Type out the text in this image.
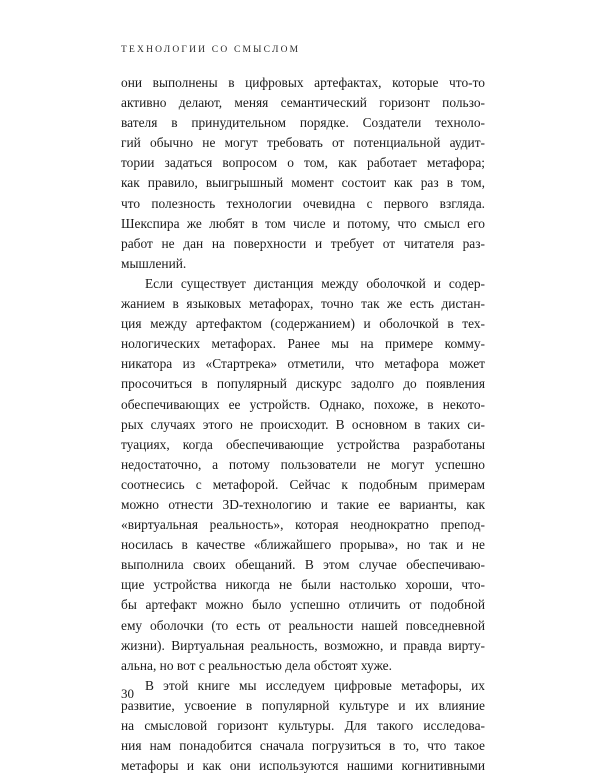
ТЕХНОЛОГИИ СО СМЫСЛОМ
они выполнены в цифровых артефактах, которые что-то
активно делают, меняя семантический горизонт пользо-
вателя в принудительном порядке. Создатели техноло-
гий обычно не могут требовать от потенциальной аудит-
тории задаться вопросом о том, как работает метафора;
как правило, выигрышный момент состоит как раз в том,
что полезность технологии очевидна с первого взгляда.
Шекспира же любят в том числе и потому, что смысл его
работ не дан на поверхности и требует от читателя раз-
мышлений.
Если существует дистанция между оболочкой и содер-
жанием в языковых метафорах, точно так же есть дистан-
ция между артефактом (содержанием) и оболочкой в тех-
нологических метафорах. Ранее мы на примере комму-
никатора из «Стартрека» отметили, что метафора может
просочиться в популярный дискурс задолго до появления
обеспечивающих ее устройств. Однако, похоже, в некото-
рых случаях этого не происходит. В основном в таких си-
туациях, когда обеспечивающие устройства разработаны
недостаточно, а потому пользователи не могут успешно
соотнесись с метафорой. Сейчас к подобным примерам
можно отнести 3D-технологию и такие ее варианты, как
«виртуальная реальность», которая неоднократно препод-
носилась в качестве «ближайшего прорыва», но так и не
выполнила своих обещаний. В этом случае обеспечиваю-
щие устройства никогда не были настолько хороши, что-
бы артефакт можно было успешно отличить от подобной
ему оболочки (то есть от реальности нашей повседневной
жизни). Виртуальная реальность, возможно, и правда вирту-
альна, но вот с реальностью дела обстоят хуже.
В этой книге мы исследуем цифровые метафоры, их
развитие, усвоение в популярной культуре и их влияние
на смысловой горизонт культуры. Для такого исследова-
ния нам понадобится сначала погрузиться в то, что такое
метафоры и как они используются нашими когнитивными
30
